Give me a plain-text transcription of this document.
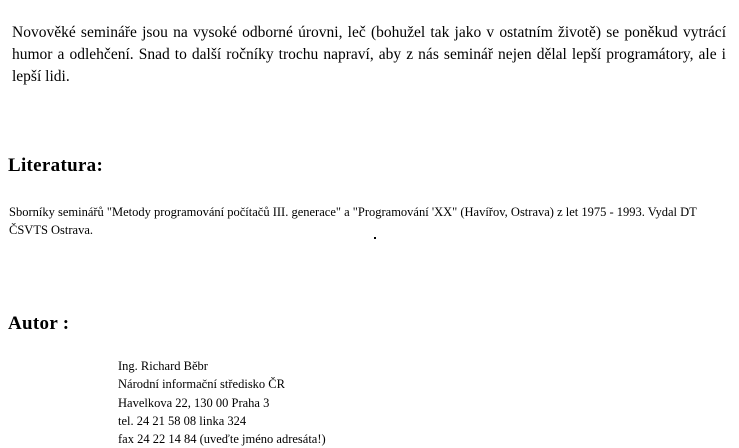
Novověké semináře jsou na vysoké odborné úrovni, leč (bohužel tak jako v ostatním životě) se poněkud vytrácí humor a odlehčení. Snad to další ročníky trochu napraví, aby z nás seminář nejen dělal lepší programátory, ale i lepší lidi.

Literatura:

Sborníky seminářů "Metody programování počítačů III. generace" a "Programování 'XX" (Havířov, Ostrava) z let 1975 - 1993. Vydal DT ČSVTS Ostrava.

Autor :
Ing. Richard Běbr
Národní informační středisko ČR
Havelkova 22, 130 00 Praha 3
tel. 24 21 58 08 linka 324
fax 24 22 14 84 (uveďte jméno adresáta!)
